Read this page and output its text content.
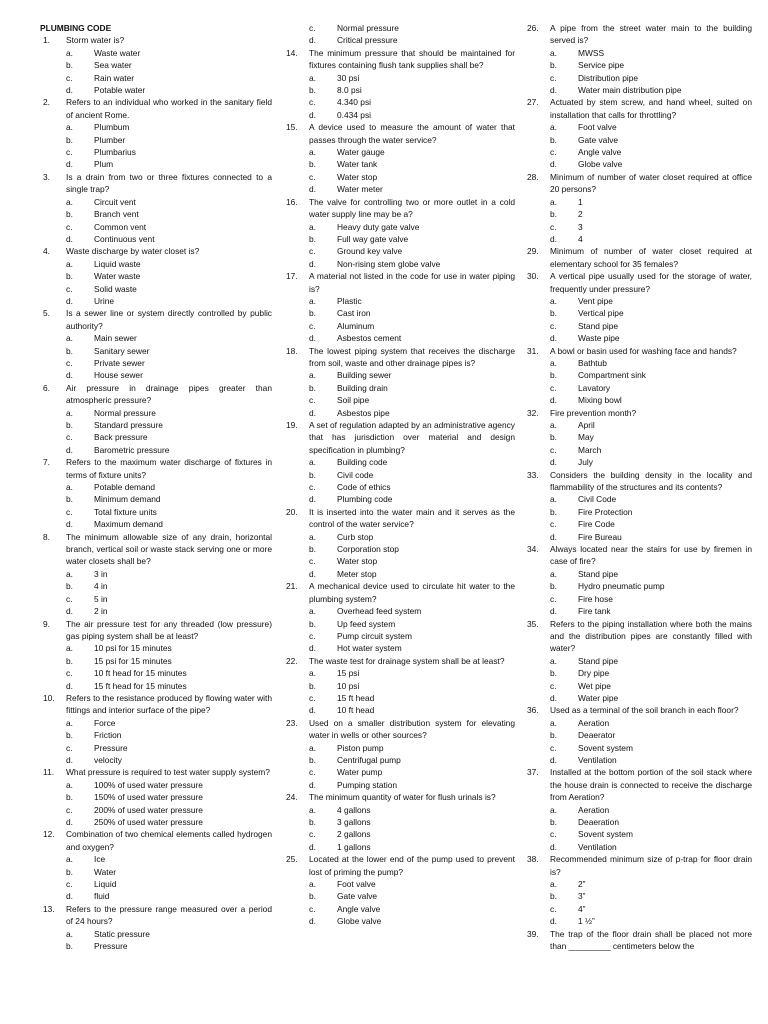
PLUMBING CODE
1. Storm water is?
a.	Waste water
b.	Sea water
c.	Rain water
d.	Potable water
2. Refers to an individual who worked in the sanitary field of ancient Rome.
a.	Plumbum
b.	Plumber
c.	Plumbarius
d.	Plum
3. Is a drain from two or three fixtures connected to a single trap?
a.	Circuit vent
b.	Branch vent
c.	Common vent
d.	Continuous vent
4. Waste discharge by water closet is?
a.	Liquid waste
b.	Water waste
c.	Solid waste
d.	Urine
5. Is a sewer line or system directly controlled by public authority?
a.	Main sewer
b.	Sanitary sewer
c.	Private sewer
d.	House sewer
6. Air pressure in drainage pipes greater than atmospheric pressure?
a.	Normal pressure
b.	Standard pressure
c.	Back pressure
d.	Barometric pressure
7. Refers to the maximum water discharge of fixtures in terms of fixture units?
a.	Potable demand
b.	Minimum demand
c.	Total fixture units
d.	Maximum demand
8. The minimum allowable size of any drain, horizontal branch, vertical soil or waste stack serving one or more water closets shall be?
a.	3 in
b.	4 in
c.	5 in
d.	2 in
9. The air pressure test for any threaded (low pressure) gas piping system shall be at least?
a.	10 psi for 15 minutes
b.	15 psi for 15 minutes
c.	10 ft head for 15 minutes
d.	15 ft head for 15 minutes
10. Refers to the resistance produced by flowing water with fittings and interior surface of the pipe?
a.	Force
b.	Friction
c.	Pressure
d.	velocity
11. What pressure is required to test water supply system?
a.	100% of used water pressure
b.	150% of used water pressure
c.	200% of used water pressure
d.	250% of used water pressure
12. Combination of two chemical elements called hydrogen and oxygen?
a.	Ice
b.	Water
c.	Liquid
d.	fluid
13. Refers to the pressure range measured over a period of 24 hours?
a.	Static pressure
b.	Pressure
c.	Normal pressure
d.	Critical pressure
14. The minimum pressure that should be maintained for fixtures containing flush tank supplies shall be?
a.	30 psi
b.	8.0 psi
c.	4.340 psi
d.	0.434 psi
15. A device used to measure the amount of water that passes through the water service?
a.	Water gauge
b.	Water tank
c.	Water stop
d.	Water meter
16. The valve for controlling two or more outlet in a cold water supply line may be a?
a.	Heavy duty gate valve
b.	Full way gate valve
c.	Ground key valve
d.	Non-rising stem globe valve
17. A material not listed in the code for use in water piping is?
a.	Plastic
b.	Cast iron
c.	Aluminum
d.	Asbestos cement
18. The lowest piping system that receives the discharge from soil, waste and other drainage pipes is?
a.	Building sewer
b.	Building drain
c.	Soil pipe
d.	Asbestos pipe
19. A set of regulation adapted by an administrative agency that has jurisdiction over material and design specification in plumbing?
a.	Building code
b.	Civil code
c.	Code of ethics
d.	Plumbing code
20. It is inserted into the water main and it serves as the control of the water service?
a.	Curb stop
b.	Corporation stop
c.	Water stop
d.	Meter stop
21. A mechanical device used to circulate hit water to the plumbing system?
a.	Overhead feed system
b.	Up feed system
c.	Pump circuit system
d.	Hot water system
22. The waste test for drainage system shall be at least?
a.	15 psi
b.	10 psi
c.	15 ft head
d.	10 ft head
23. Used on a smaller distribution system for elevating water in wells or other sources?
a.	Piston pump
b.	Centrifugal pump
c.	Water pump
d.	Pumping station
24. The minimum quantity of water for flush urinals is?
a.	4 gallons
b.	3 gallons
c.	2 gallons
d.	1 gallons
25. Located at the lower end of the pump used to prevent lost of priming the pump?
a.	Foot valve
b.	Gate valve
c.	Angle valve
d.	Globe valve
26. A pipe from the street water main to the building served is?
a.	MWSS
b.	Service pipe
c.	Distribution pipe
d.	Water main distribution pipe
27. Actuated by stem screw, and hand wheel, suited on installation that calls for throttling?
a.	Foot valve
b.	Gate valve
c.	Angle valve
d.	Globe valve
28. Minimum of number of water closet required at office 20 persons?
a.	1
b.	2
c.	3
d.	4
29. Minimum of number of water closet required at elementary school for 35 females?
30. A vertical pipe usually used for the storage of water, frequently under pressure?
a.	Vent pipe
b.	Vertical pipe
c.	Stand pipe
d.	Waste pipe
31. A bowl or basin used for washing face and hands?
a.	Bathtub
b.	Compartment sink
c.	Lavatory
d.	Mixing bowl
32. Fire prevention month?
a.	April
b.	May
c.	March
d.	July
33. Considers the building density in the locality and flammability of the structures and its contents?
a.	Civil Code
b.	Fire Protection
c.	Fire Code
d.	Fire Bureau
34. Always located near the stairs for use by firemen in case of fire?
a.	Stand pipe
b.	Hydro pneumatic pump
c.	Fire hose
d.	Fire tank
35. Refers to the piping installation where both the mains and the distribution pipes are constantly filled with water?
a.	Stand pipe
b.	Dry pipe
c.	Wet pipe
d.	Water pipe
36. Used as a terminal of the soil branch in each floor?
a.	Aeration
b.	Deaerator
c.	Sovent system
d.	Ventilation
37. Installed at the bottom portion of the soil stack where the house drain is connected to receive the discharge from Aeration?
a.	Aeration
b.	Deaeration
c.	Sovent system
d.	Ventilation
38. Recommended minimum size of p-trap for floor drain is?
a.	2”
b.	3”
c.	4”
d.	1 ½”
39. The trap of the floor drain shall be placed not more than _________ centimeters below the
